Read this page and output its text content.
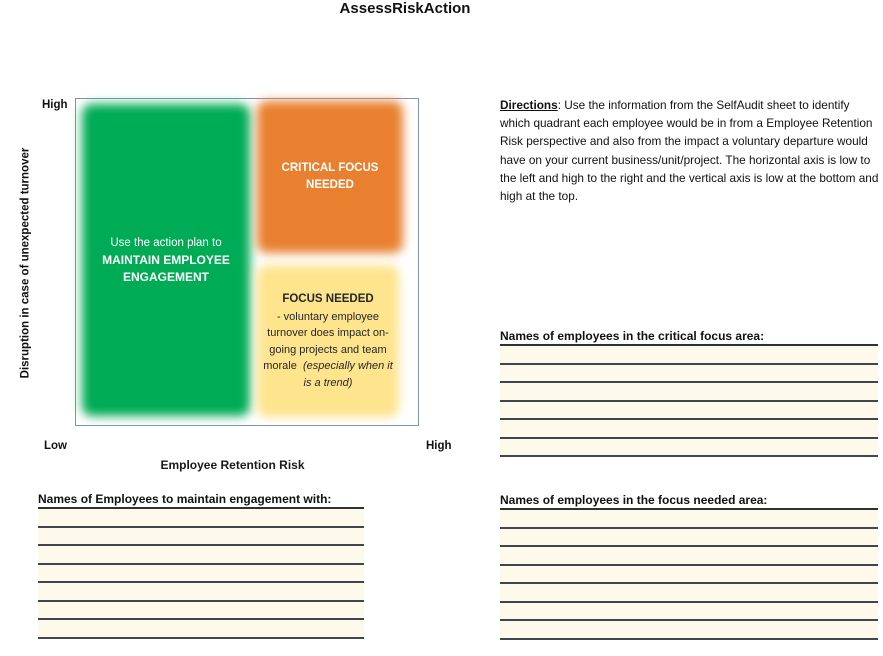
AssessRiskAction
High
Disruption in case of unexpected turnover	Use the action plan to
MAINTAIN EMPLOYEE ENGAGEMENT
CRITICAL FOCUS NEEDED
FOCUS NEEDED
- voluntary employee turnover does impact on-going projects and team morale (especially when it is a trend)
Low	High
Employee Retention Risk
Directions: Use the information from the SelfAudit sheet to identify which quadrant each employee would be in from a Employee Retention Risk perspective and also from the impact a voluntary departure would have on your current business/unit/project. The horizontal axis is low to the left and high to the right and the vertical axis is low at the bottom and high at the top.
Names of employees in the critical focus area:
Names of Employees to maintain engagement with:	Names of employees in the focus needed area:
